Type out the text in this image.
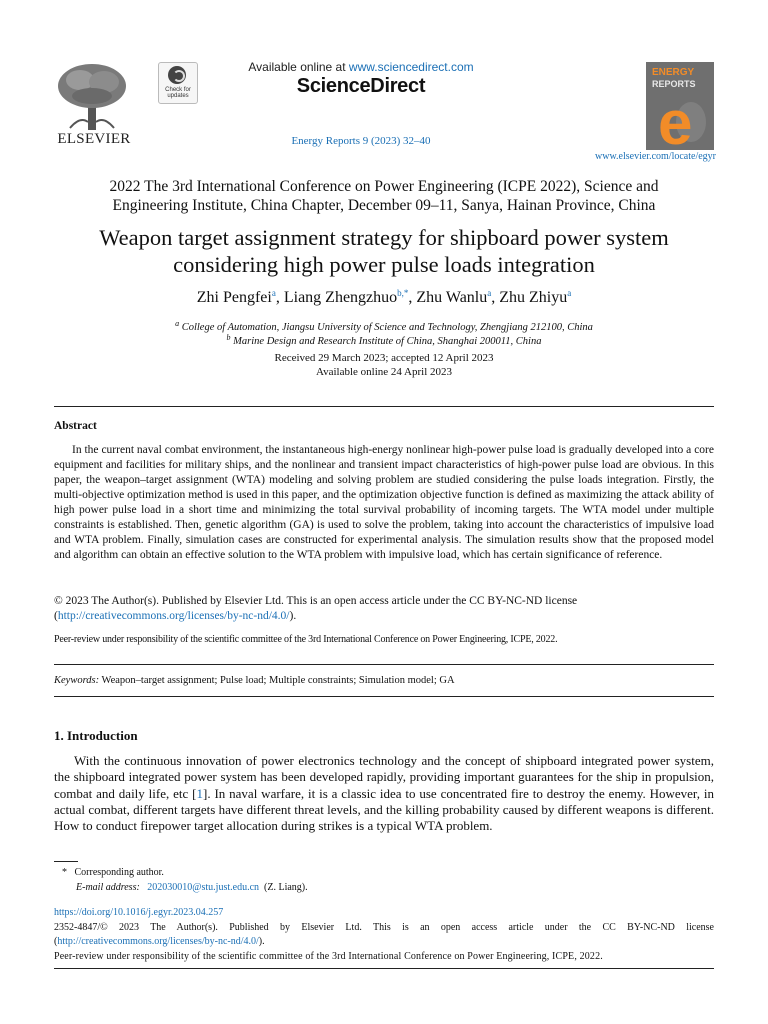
ELSEVIER
Check for updates
Available online at www.sciencedirect.com
ScienceDirect
Energy Reports 9 (2023) 32–40
ENERGY
REPORTS
e
www.elsevier.com/locate/egyr
2022 The 3rd International Conference on Power Engineering (ICPE 2022), Science and
Engineering Institute, China Chapter, December 09–11, Sanya, Hainan Province, China
Weapon target assignment strategy for shipboard power system
considering high power pulse loads integration
Zhi Pengfei$^a$, Liang Zhengzhuo$^{b,*}$, Zhu Wanlu$^a$, Zhu Zhiyu$^a$
$^a$ College of Automation, Jiangsu University of Science and Technology, Zhengjiang 212100, China
$^b$ Marine Design and Research Institute of China, Shanghai 200011, China
Received 29 March 2023; accepted 12 April 2023
Available online 24 April 2023
Abstract

In the current naval combat environment, the instantaneous high-energy nonlinear high-power pulse load is gradually developed into a core equipment and facilities for military ships, and the nonlinear and transient impact characteristics of high-power pulse load are obvious. In this paper, the weapon–target assignment (WTA) modeling and solving problem are studied considering the pulse loads integration. Firstly, the multi-objective optimization method is used in this paper, and the optimization objective function is defined as maximizing the attack ability of high power pulse load in a short time and minimizing the total survival probability of incoming targets. The WTA model under multiple constraints is established. Then, genetic algorithm (GA) is used to solve the problem, taking into account the characteristics of impulsive load and WTA problem. Finally, simulation cases are constructed for experimental analysis. The simulation results show that the proposed model and algorithm can obtain an effective solution to the WTA problem with impulsive load, which has certain significance of reference.

© 2023 The Author(s). Published by Elsevier Ltd. This is an open access article under the CC BY-NC-ND license
(http://creativecommons.org/licenses/by-nc-nd/4.0/).
Peer-review under responsibility of the scientific committee of the 3rd International Conference on Power Engineering, ICPE, 2022.
Keywords: Weapon–target assignment; Pulse load; Multiple constraints; Simulation model; GA
1. Introduction

With the continuous innovation of power electronics technology and the concept of shipboard integrated power system, the shipboard integrated power system has been developed rapidly, providing important guarantees for the ship in propulsion, combat and daily life, etc [1]. In naval warfare, it is a classic idea to use concentrated fire to destroy the enemy. However, in actual combat, different targets have different threat levels, and the killing probability caused by different weapons is different. How to conduct firepower target allocation during strikes is a typical WTA problem.

* Corresponding author.
E-mail address: 202030010@stu.just.edu.cn (Z. Liang).
https://doi.org/10.1016/j.egyr.2023.04.257
2352-4847/© 2023 The Author(s). Published by Elsevier Ltd. This is an open access article under the CC BY-NC-ND license (http://creativecommons.org/licenses/by-nc-nd/4.0/).
Peer-review under responsibility of the scientific committee of the 3rd International Conference on Power Engineering, ICPE, 2022.
